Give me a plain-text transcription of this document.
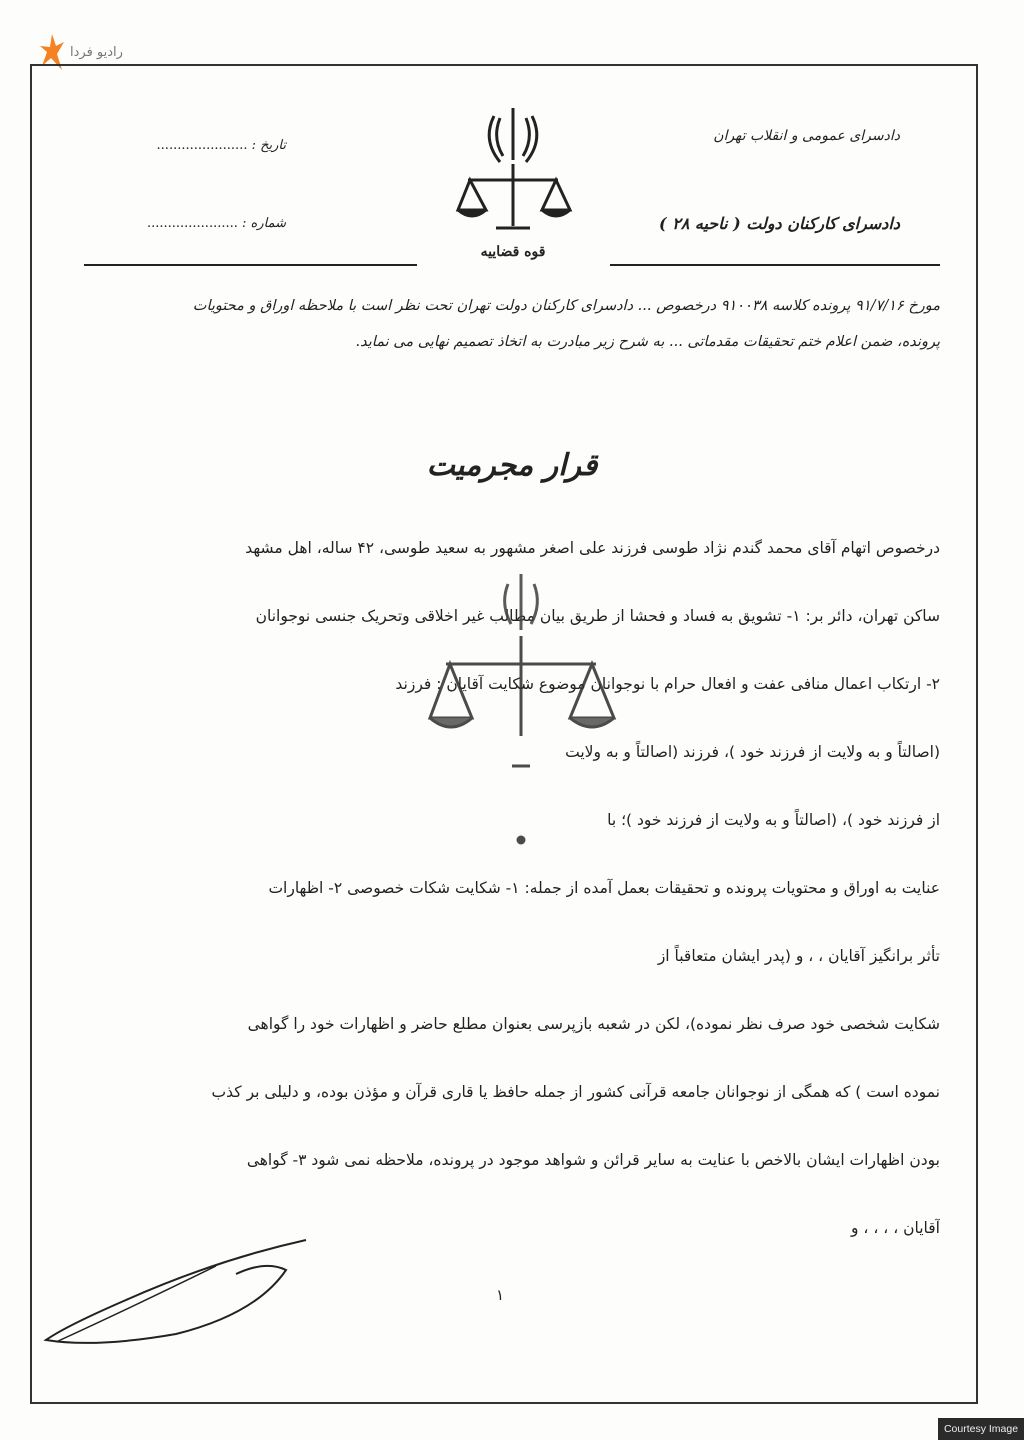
رادیو فردا
دادسرای عمومی و انقلاب تهران
دادسرای کارکنان دولت ( ناحیه ۲۸ )
تاریخ : ......................
شماره : ......................
قوه قضاییه

مورخ ۹۱/۷/۱۶ پرونده کلاسه ۹۱۰۰۳۸ درخصوص ... دادسرای کارکنان دولت تهران تحت نظر است با ملاحظه اوراق و محتویات

پرونده، ضمن اعلام ختم تحقیقات مقدماتی ... به شرح زیر مبادرت به اتخاذ تصمیم نهایی می نماید.

قرار مجرمیت
درخصوص اتهام آقای محمد گندم نژاد طوسی فرزند علی اصغر مشهور به سعید طوسی، ۴۲ ساله، اهل مشهد
ساکن تهران، دائر بر: ۱- تشویق به فساد و فحشا از طریق بیان مطالب غیر اخلاقی وتحریک جنسی نوجوانان
۲- ارتکاب اعمال منافی عفت و افعال حرام با نوجوانان موضوع شکایت آقایان : فرزند
(اصالتاً و به ولایت از فرزند خود )، فرزند (اصالتاً و به ولایت
از فرزند خود )، (اصالتاً و به ولایت از فرزند خود )؛ با
عنایت به اوراق و محتویات پرونده و تحقیقات بعمل آمده از جمله: ۱- شکایت شکات خصوصی ۲- اظهارات
تأثر برانگیز آقایان ، ، و (پدر ایشان متعاقباً از
شکایت شخصی خود صرف نظر نموده)، لکن در شعبه بازپرسی بعنوان مطلع حاضر و اظهارات خود را گواهی
نموده است ) که همگی از نوجوانان جامعه قرآنی کشور از جمله حافظ یا قاری قرآن و مؤذن بوده، و دلیلی بر کذب
بودن اظهارات ایشان بالاخص با عنایت به سایر قرائن و شواهد موجود در پرونده، ملاحظه نمی شود ۳- گواهی
آقایان ، ، ، ، و
۱
Courtesy Image
